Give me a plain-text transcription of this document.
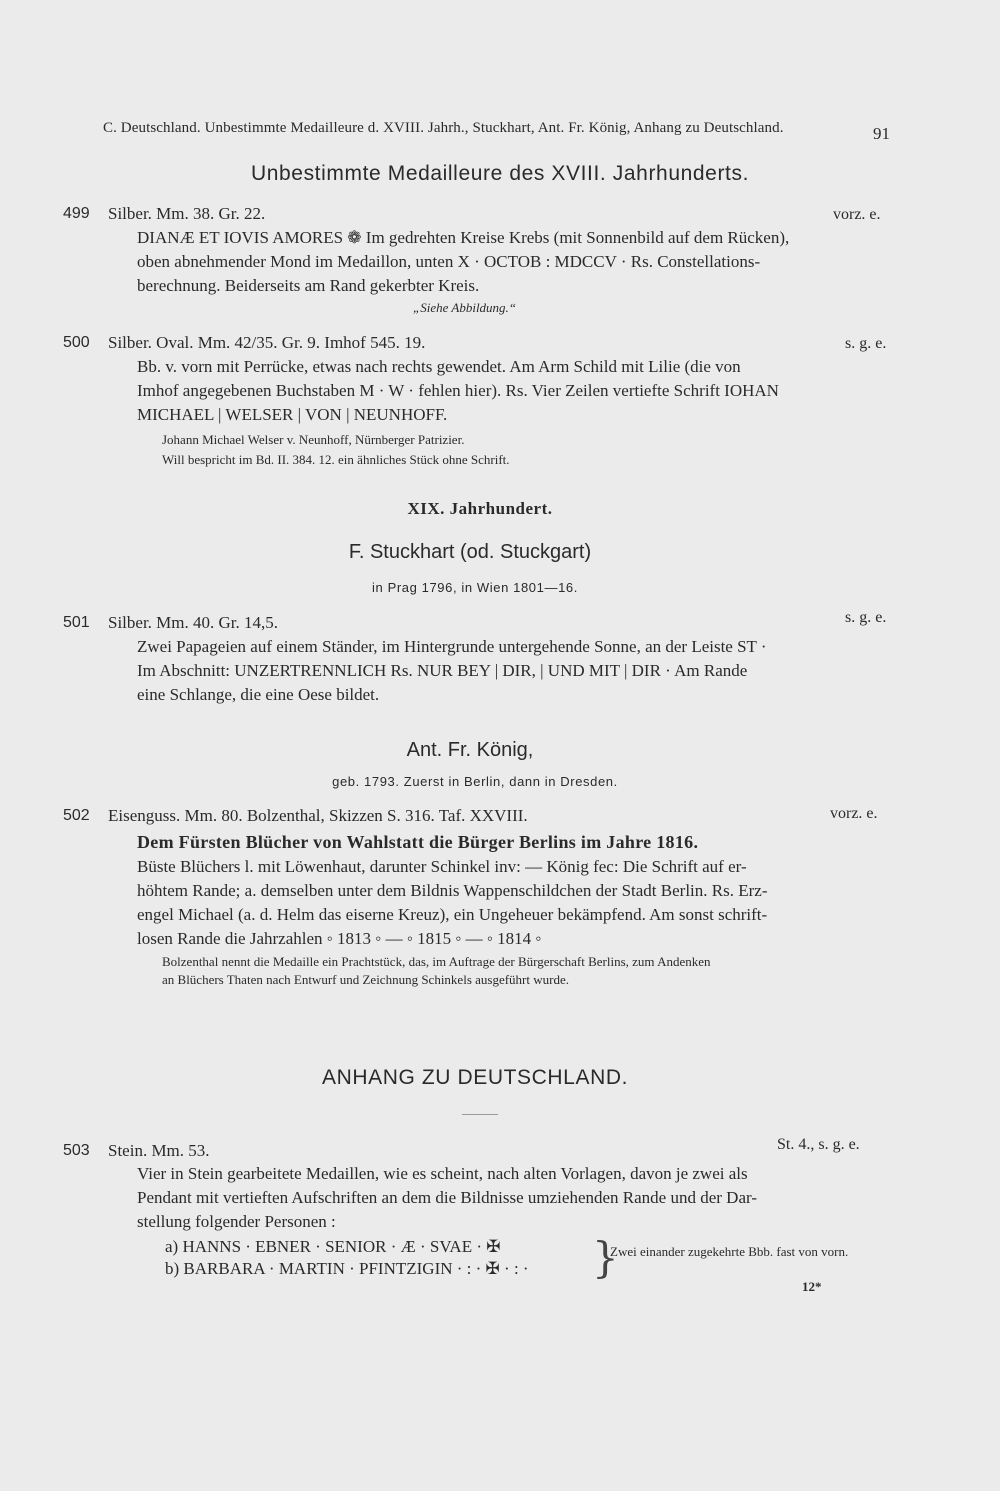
C. Deutschland. Unbestimmte Medailleure d. XVIII. Jahrh., Stuckhart, Ant. Fr. König, Anhang zu Deutschland.	91
Unbestimmte Medailleure des XVIII. Jahrhunderts.
499 Silber. Mm. 38. Gr. 22.	vorz. e.
DIANÆ ET IOVIS AMORES ❁ Im gedrehten Kreise Krebs (mit Sonnenbild auf dem Rücken),
oben abnehmender Mond im Medaillon, unten X · OCTOB : MDCCV · Rs. Constellations-
berechnung. Beiderseits am Rand gekerbter Kreis.
„Siehe Abbildung.“
500 Silber. Oval. Mm. 42/35. Gr. 9. Imhof 545. 19.	s. g. e.
Bb. v. vorn mit Perrücke, etwas nach rechts gewendet. Am Arm Schild mit Lilie (die von
Imhof angegebenen Buchstaben M · W · fehlen hier). Rs. Vier Zeilen vertiefte Schrift IOHAN
MICHAEL | WELSER | VON | NEUNHOFF.
Johann Michael Welser v. Neunhoff, Nürnberger Patrizier.
Will bespricht im Bd. II. 384. 12. ein ähnliches Stück ohne Schrift.
XIX. Jahrhundert.
F. Stuckhart (od. Stuckgart)
in Prag 1796, in Wien 1801—16.
501 Silber. Mm. 40. Gr. 14,5.	s. g. e.
Zwei Papageien auf einem Ständer, im Hintergrunde untergehende Sonne, an der Leiste ST ·
Im Abschnitt: UNZERTRENNLICH Rs. NUR BEY | DIR, | UND MIT | DIR · Am Rande
eine Schlange, die eine Oese bildet.
Ant. Fr. König,
geb. 1793. Zuerst in Berlin, dann in Dresden.
502 Eisenguss. Mm. 80. Bolzenthal, Skizzen S. 316. Taf. XXVIII.	vorz. e.
Dem Fürsten Blücher von Wahlstatt die Bürger Berlins im Jahre 1816.
Büste Blüchers l. mit Löwenhaut, darunter Schinkel inv: — König fec: Die Schrift auf er-
höhtem Rande; a. demselben unter dem Bildnis Wappenschildchen der Stadt Berlin. Rs. Erz-
engel Michael (a. d. Helm das eiserne Kreuz), ein Ungeheuer bekämpfend. Am sonst schrift-
losen Rande die Jahrzahlen ◦ 1813 ◦ — ◦ 1815 ◦ — ◦ 1814 ◦
Bolzenthal nennt die Medaille ein Prachtstück, das, im Auftrage der Bürgerschaft Berlins, zum Andenken
an Blüchers Thaten nach Entwurf und Zeichnung Schinkels ausgeführt wurde.
ANHANG ZU DEUTSCHLAND.
503 Stein. Mm. 53.	St. 4., s. g. e.
Vier in Stein gearbeitete Medaillen, wie es scheint, nach alten Vorlagen, davon je zwei als
Pendant mit vertieften Aufschriften an dem die Bildnisse umziehenden Rande und der Dar-
stellung folgender Personen :
a) HANNS · EBNER · SENIOR · Æ · SVAE · ✠
b) BARBARA · MARTIN · PFINTZIGIN · : · ✠ · : · }
Zwei einander zugekehrte Bbb. fast von vorn.
12*
